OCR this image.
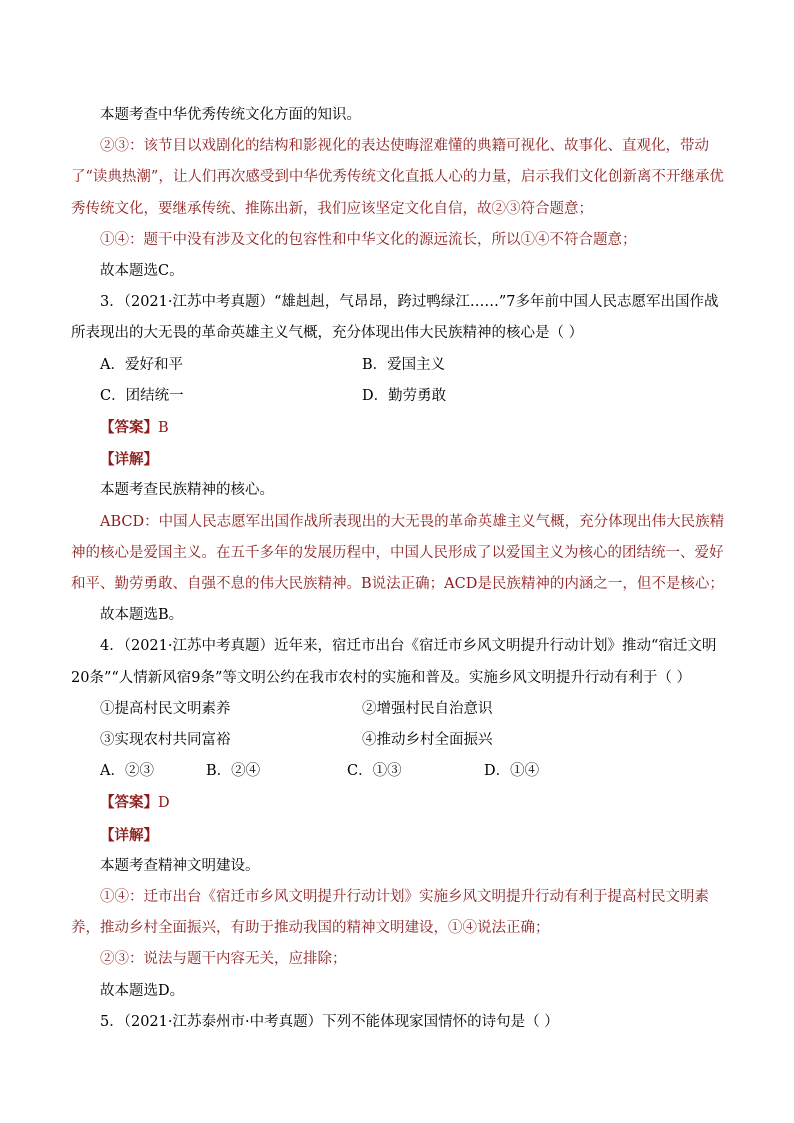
本题考查中华优秀传统文化方面的知识。

②③：该节目以戏剧化的结构和影视化的表达使晦涩难懂的典籍可视化、故事化、直观化，带动了“读典热潮”，让人们再次感受到中华优秀传统文化直抵人心的力量，启示我们文化创新离不开继承优秀传统文化，要继承传统、推陈出新，我们应该坚定文化自信，故②③符合题意；

①④：题干中没有涉及文化的包容性和中华文化的源远流长，所以①④不符合题意；

故本题选C。

3．（2021·江苏中考真题）“雄赳赳，气昂昂，跨过鸭绿江……”7多年前中国人民志愿军出国作战所表现出的大无畏的革命英雄主义气概，充分体现出伟大民族精神的核心是（ ）

A．爱好和平	B．爱国主义
C．团结统一	D．勤劳勇敢

【答案】B

【详解】

本题考查民族精神的核心。

ABCD：中国人民志愿军出国作战所表现出的大无畏的革命英雄主义气概，充分体现出伟大民族精神的核心是爱国主义。在五千多年的发展历程中，中国人民形成了以爱国主义为核心的团结统一、爱好和平、勤劳勇敢、自强不息的伟大民族精神。B说法正确；ACD是民族精神的内涵之一，但不是核心；

故本题选B。

4．（2021·江苏中考真题）近年来，宿迁市出台《宿迁市乡风文明提升行动计划》推动“宿迁文明20条”“人情新风宿9条”等文明公约在我市农村的实施和普及。实施乡风文明提升行动有利于（ ）

①提高村民文明素养	②增强村民自治意识
③实现农村共同富裕	④推动乡村全面振兴
A．②③	B．②④	C．①③	D．①④

【答案】D

【详解】

本题考查精神文明建设。

①④：迁市出台《宿迁市乡风文明提升行动计划》实施乡风文明提升行动有利于提高村民文明素养，推动乡村全面振兴，有助于推动我国的精神文明建设，①④说法正确；

②③：说法与题干内容无关，应排除；

故本题选D。

5．（2021·江苏泰州市·中考真题）下列不能体现家国情怀的诗句是（ ）
